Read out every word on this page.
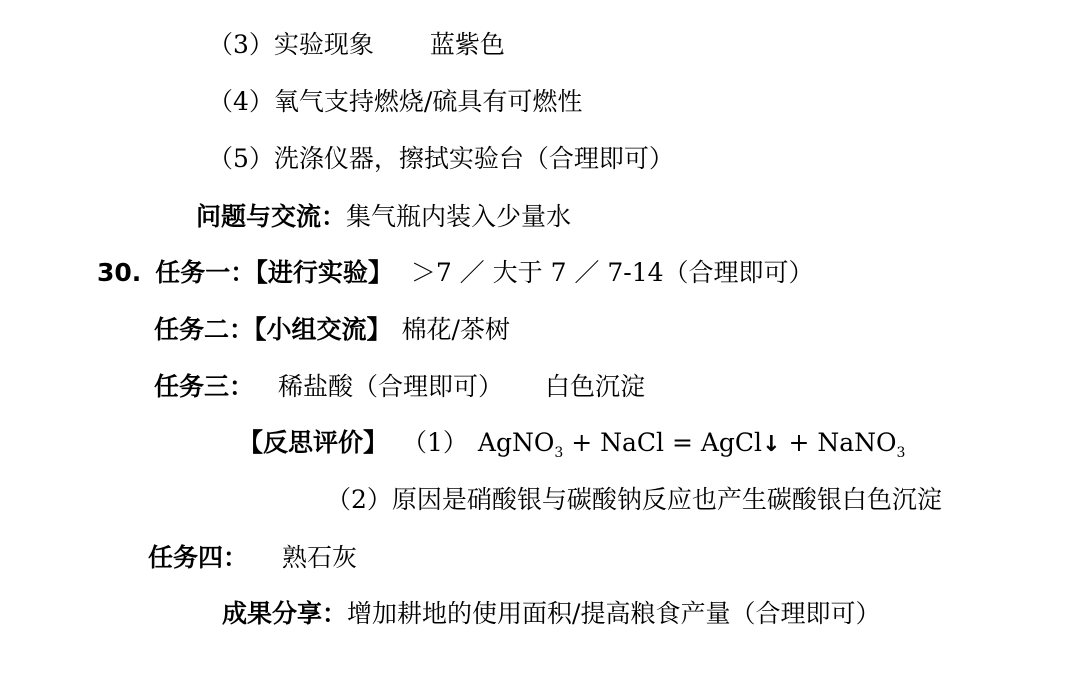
（3）实验现象 蓝紫色
（4）氧气支持燃烧/硫具有可燃性
（5）洗涤仪器，擦拭实验台（合理即可）
问题与交流：集气瓶内装入少量水
30. 任务一：【进行实验】 ＞7 ／ 大于 7 ／ 7-14（合理即可）
任务二：【小组交流】 棉花/茶树
任务三： 稀盐酸（合理即可） 白色沉淀
【反思评价】 （1） AgNO$_3$ + NaCl = AgCl↓ + NaNO$_3$
（2）原因是硝酸银与碳酸钠反应也产生碳酸银白色沉淀
任务四： 熟石灰
成果分享：增加耕地的使用面积/提高粮食产量（合理即可）
